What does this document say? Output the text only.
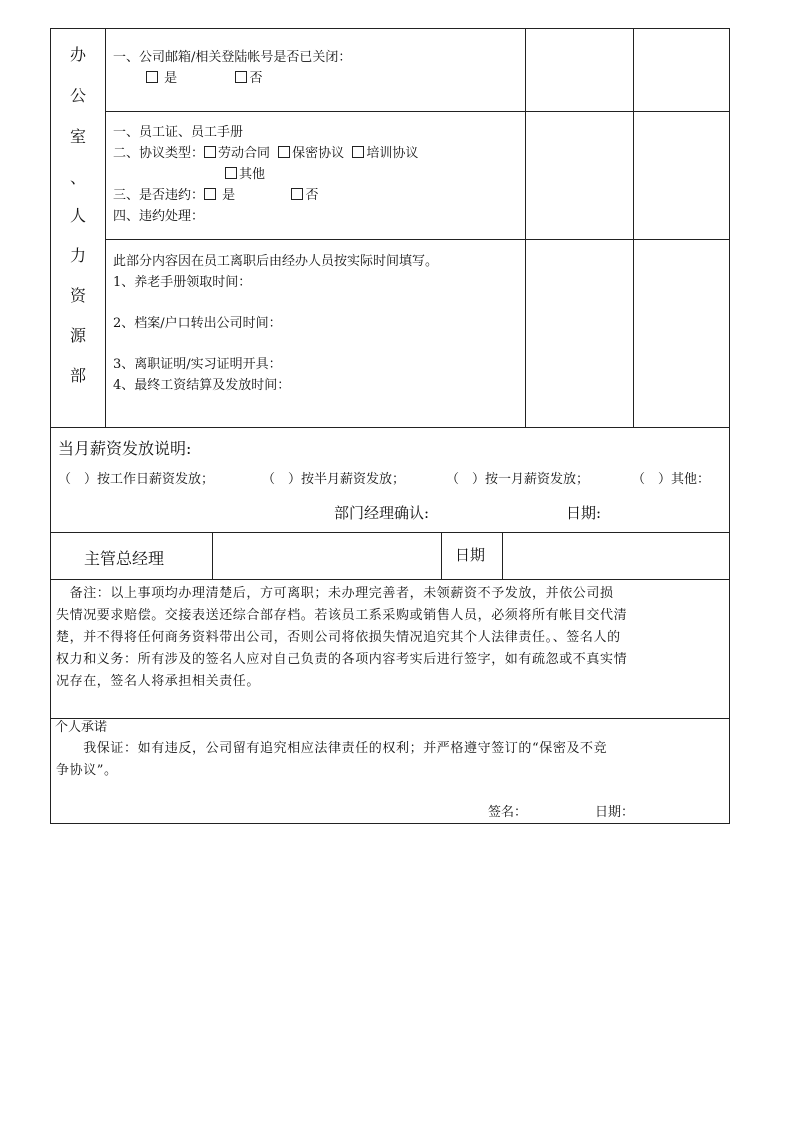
办
公
室
、
人
力
资
源
部
一、公司邮箱/相关登陆帐号是否已关闭：
是	否
一、员工证、员工手册
二、协议类型： 劳动合同 保密协议 培训协议
其他
三、是否违约： 是	否
四、违约处理：
此部分内容因在员工离职后由经办人员按实际时间填写。
1、养老手册领取时间：
2、档案/户口转出公司时间：
3、离职证明/实习证明开具：
4、最终工资结算及发放时间：
当月薪资发放说明:
（　）按工作日薪资发放；	（　）按半月薪资发放；	（　）按一月薪资发放；	（　）其他：
部门经理确认:	日期:
主管总经理	日期
　备注：以上事项均办理清楚后，方可离职；未办理完善者，未领薪资不予发放，并依公司损
失情况要求赔偿。交接表送还综合部存档。若该员工系采购或销售人员，必须将所有帐目交代清
楚，并不得将任何商务资料带出公司，否则公司将依损失情况追究其个人法律责任。、签名人的
权力和义务：所有涉及的签名人应对自己负责的各项内容考实后进行签字，如有疏忽或不真实情
况存在，签名人将承担相关责任。
个人承诺
　　我保证：如有违反，公司留有追究相应法律责任的权利；并严格遵守签订的“保密及不竞
争协议”。
签名：	日期：
